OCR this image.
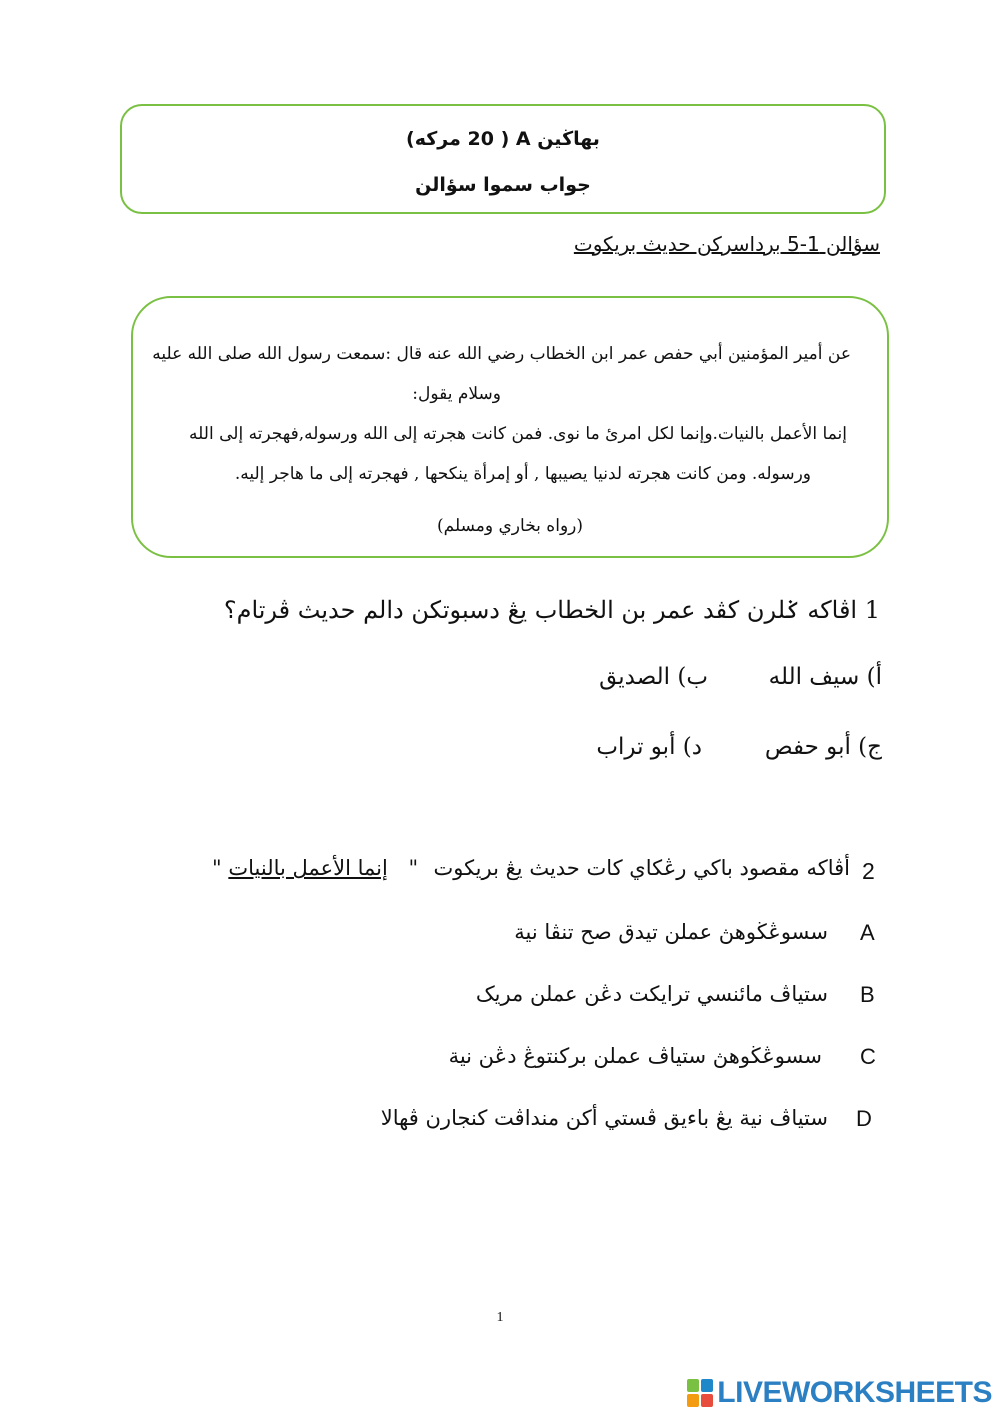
بهاڬين A ( 20 مركه)
جواب سموا سؤالن
سؤالن 1-5 برداسركن حديث بريكوت
عن أمير المؤمنين أبي حفص عمر ابن الخطاب رضي الله عنه قال :سمعت رسول الله صلى الله عليه
وسلام يقول:
إنما الأعمل بالنيات.وإنما لكل امرئ ما نوى. فمن كانت هجرته إلى الله ورسوله,فهجرته إلى الله
ورسوله. ومن كانت هجرته لدنيا يصيبها , أو إمرأة ينكحها , فهجرته إلى ما هاجر إليه.
(رواه بخاري ومسلم)
1 اڤاكه ݢلرن كڤد عمر بن الخطاب يڠ دسبوتكن دالم حديث ڤرتام؟
أ) سيف الله
ب) الصديق
ج) أبو حفص
د) أبو تراب
2
أڤاكه مقصود باكي رڠكاي كات حديث يڠ بريكوت
" إنما الأعمل بالنيات "
A
سسوڠڬوهڽ عملن تيدق صح تنڤا نية
B
ستياڤ مائنسي ترايكت دڠن عملن مريک
C
سسوڠڬوهڽ ستياڤ عملن بركنتوڠ دڠن نية
D
ستياڤ نية يڠ باءيق ڤستي أكن منداڤت كنجارن ڤهالا
1
LIVEWORKSHEETS
